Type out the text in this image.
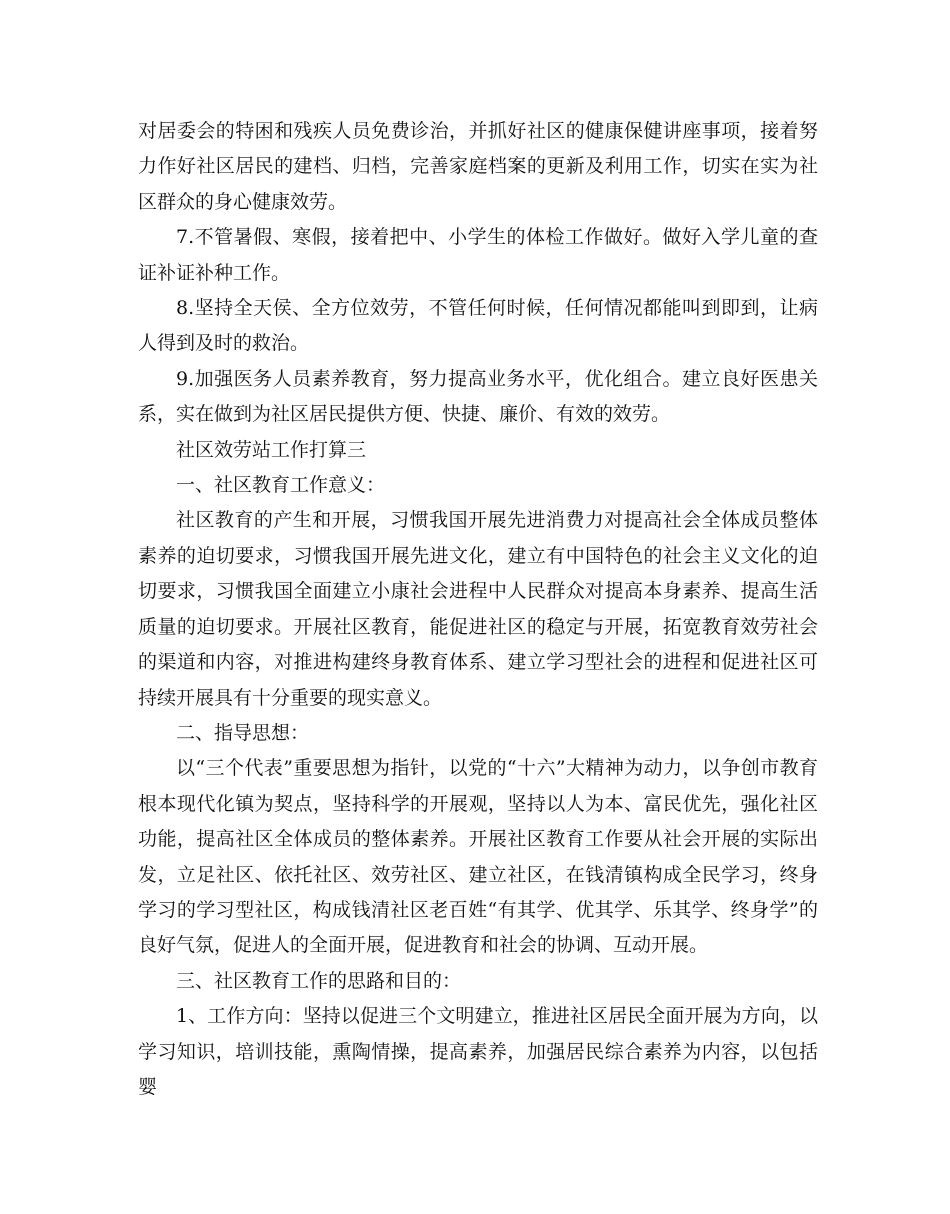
对居委会的特困和残疾人员免费诊治，并抓好社区的健康保健讲座事项，接着努力作好社区居民的建档、归档，完善家庭档案的更新及利用工作，切实在实为社区群众的身心健康效劳。

7.不管暑假、寒假，接着把中、小学生的体检工作做好。做好入学儿童的查证补证补种工作。

8.坚持全天侯、全方位效劳，不管任何时候，任何情况都能叫到即到，让病人得到及时的救治。

9.加强医务人员素养教育，努力提高业务水平，优化组合。建立良好医患关系，实在做到为社区居民提供方便、快捷、廉价、有效的效劳。

社区效劳站工作打算三

一、社区教育工作意义：

社区教育的产生和开展，习惯我国开展先进消费力对提高社会全体成员整体素养的迫切要求，习惯我国开展先进文化，建立有中国特色的社会主义文化的迫切要求，习惯我国全面建立小康社会进程中人民群众对提高本身素养、提高生活质量的迫切要求。开展社区教育，能促进社区的稳定与开展，拓宽教育效劳社会的渠道和内容，对推进构建终身教育体系、建立学习型社会的进程和促进社区可持续开展具有十分重要的现实意义。

二、指导思想：

以“三个代表”重要思想为指针，以党的“十六”大精神为动力，以争创市教育根本现代化镇为契点，坚持科学的开展观，坚持以人为本、富民优先，强化社区功能，提高社区全体成员的整体素养。开展社区教育工作要从社会开展的实际出发，立足社区、依托社区、效劳社区、建立社区，在钱清镇构成全民学习，终身学习的学习型社区，构成钱清社区老百姓“有其学、优其学、乐其学、终身学”的良好气氛，促进人的全面开展，促进教育和社会的协调、互动开展。

三、社区教育工作的思路和目的：

1、工作方向：坚持以促进三个文明建立，推进社区居民全面开展为方向，以学习知识，培训技能，熏陶情操，提高素养，加强居民综合素养为内容，以包括婴
